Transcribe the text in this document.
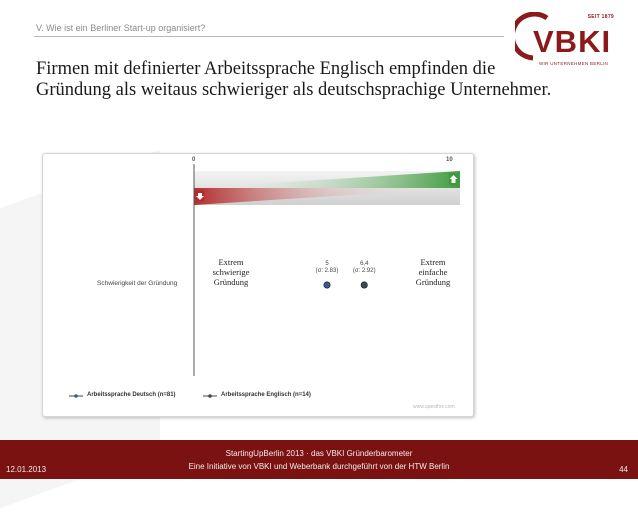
V. Wie ist ein Berliner Start-up organisiert?
SEIT 1879
VBKI
WIR UNTERNEHMEN BERLIN
Firmen mit definierter Arbeitssprache Englisch empfinden die
Gründung als weitaus schwieriger als deutschsprachige Unternehmer.
0	10
Schwierigkeit der Gründung
Extrem
schwierige
Gründung
Extrem
einfache
Gründung
5
(σ: 2.83)
6,4
(σ: 2.92)
Arbeitssprache Deutsch (n=81)	Arbeitssprache Englisch (n=14)
www.questfox.com
12.01.2013
StartingUpBerlin 2013 · das VBKI Gründerbarometer
Eine Initiative von VBKI und Weberbank durchgeführt von der HTW Berlin	44
